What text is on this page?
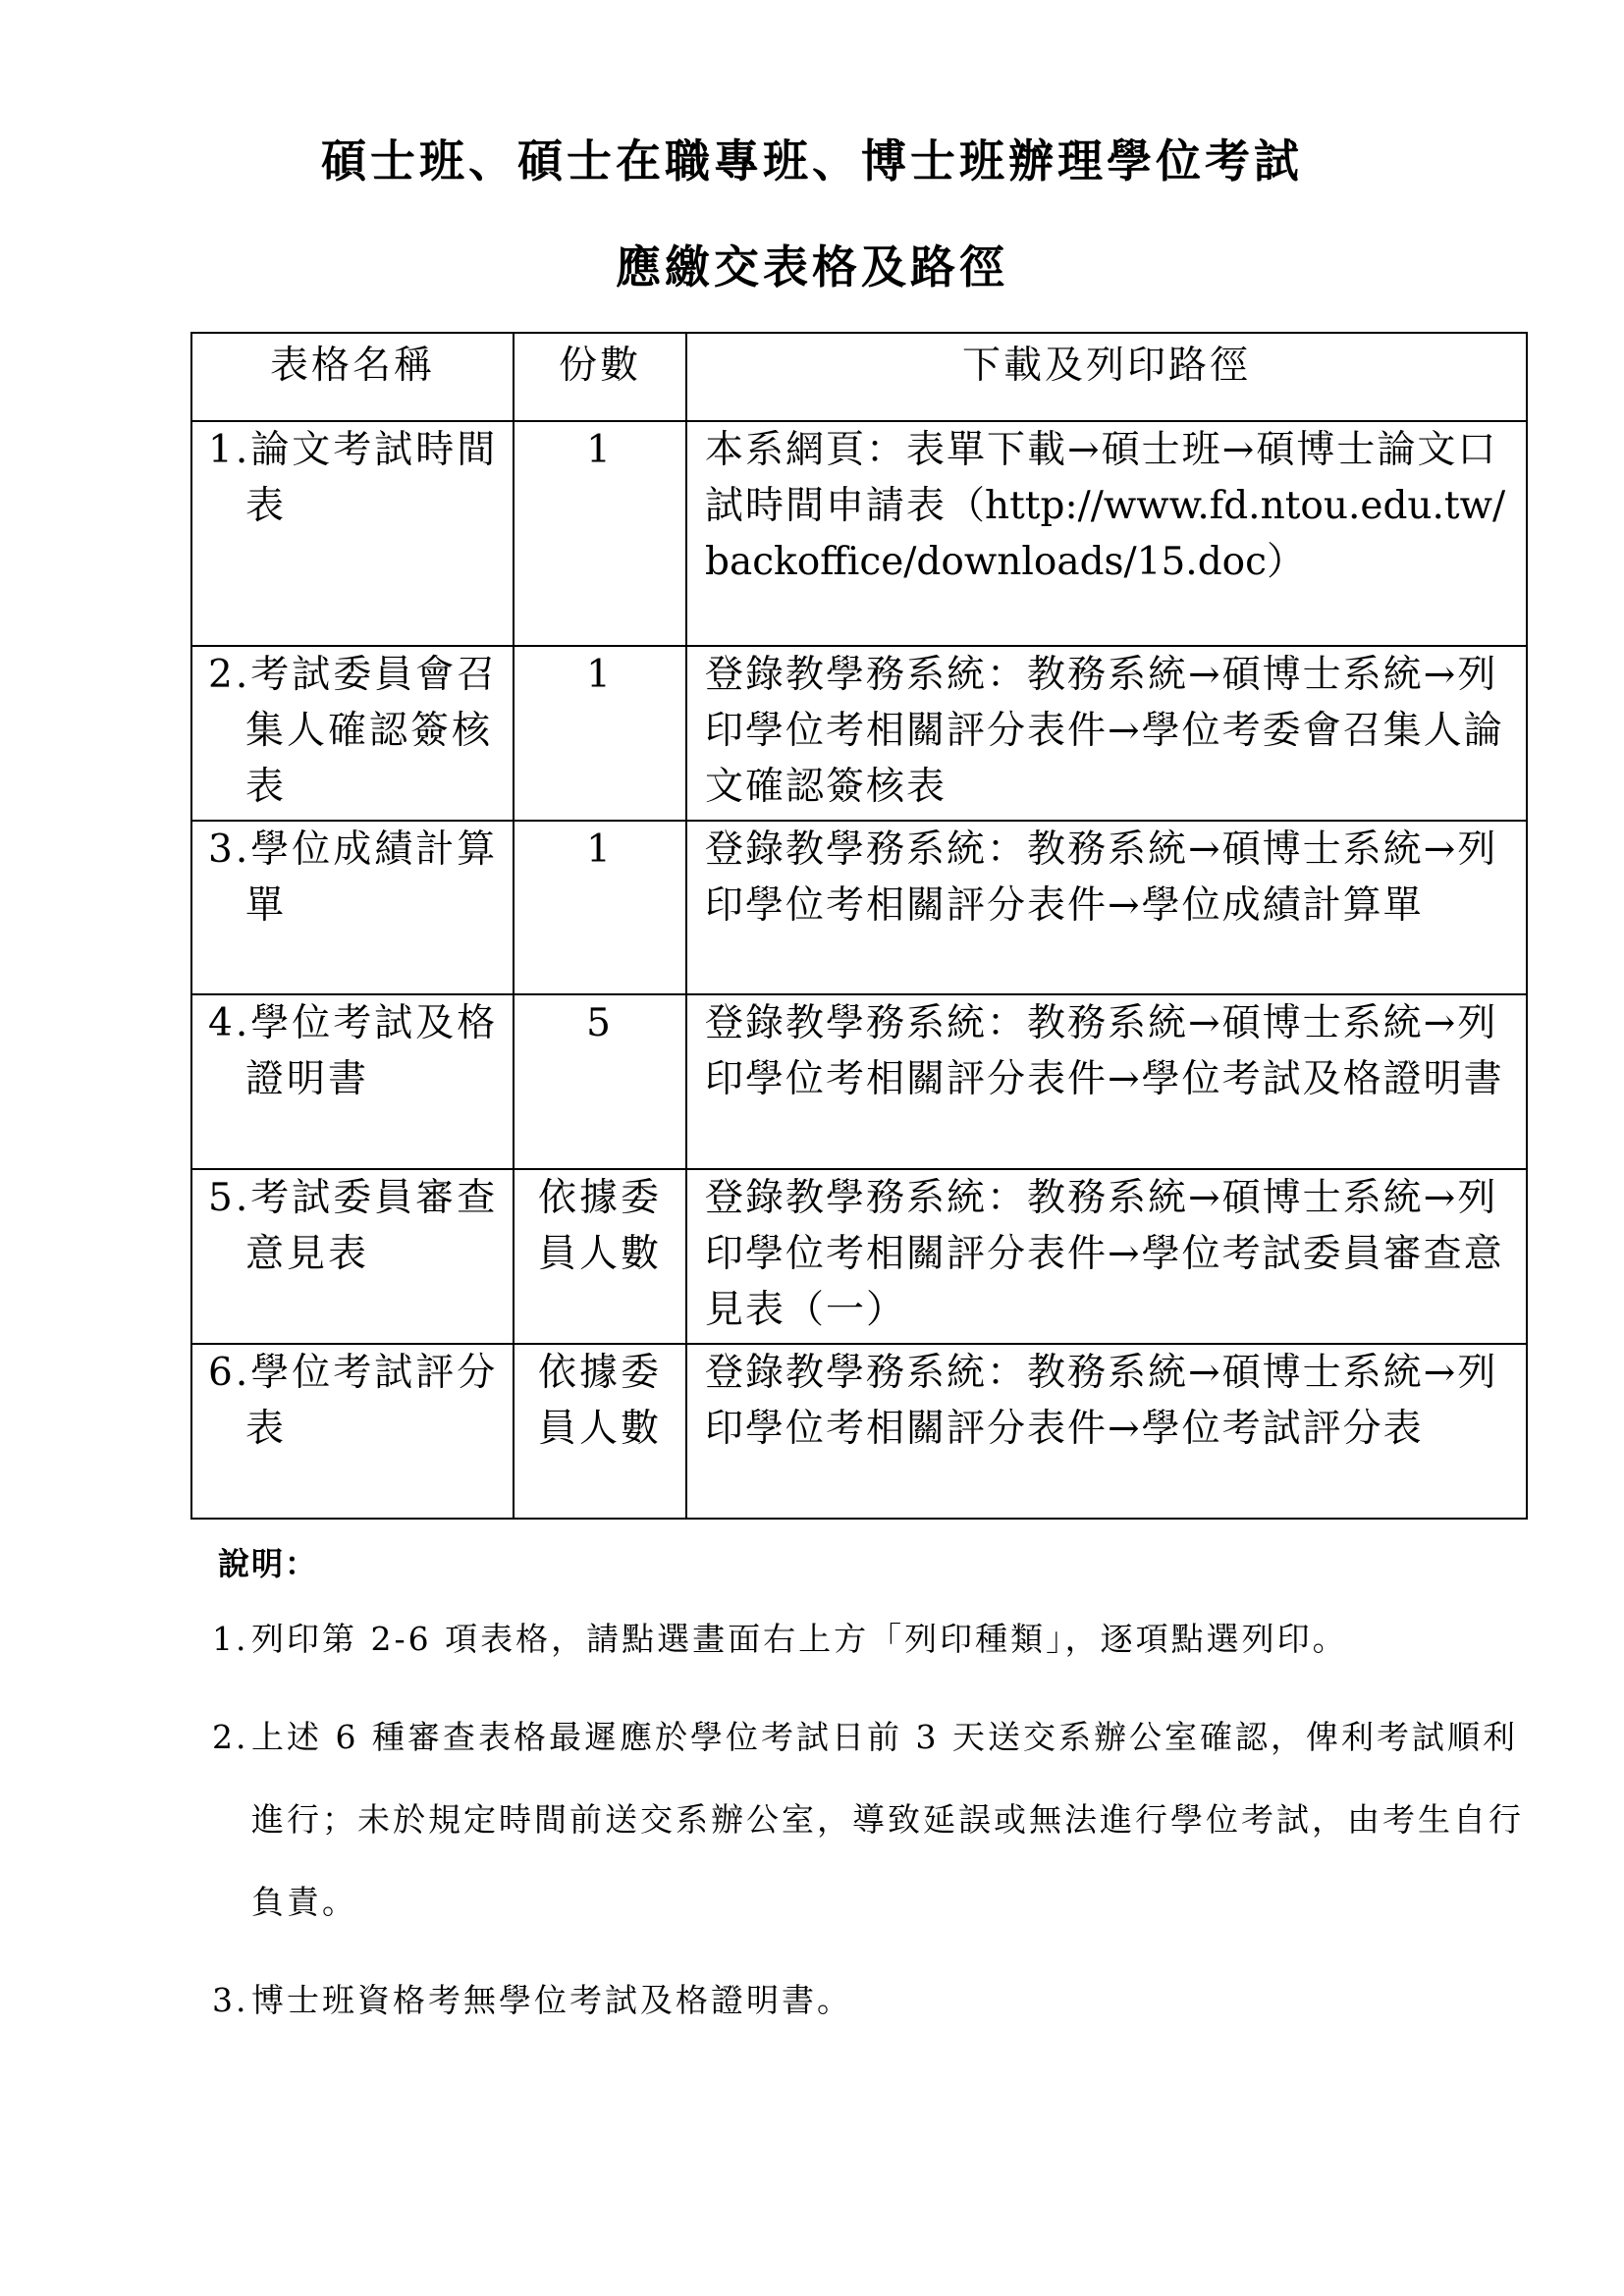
碩士班、碩士在職專班、博士班辦理學位考試
應繳交表格及路徑
表格名稱	份數	下載及列印路徑

1.論文考試時間表	1	本系網頁：表單下載→碩士班→碩博士論文口試時間申請表（http://www.fd.ntou.edu.tw/backoffice/downloads/15.doc）

2.考試委員會召集人確認簽核表	1	登錄教學務系統：教務系統→碩博士系統→列印學位考相關評分表件→學位考委會召集人論文確認簽核表

3.學位成績計算單	1	登錄教學務系統：教務系統→碩博士系統→列印學位考相關評分表件→學位成績計算單

4.學位考試及格證明書	5	登錄教學務系統：教務系統→碩博士系統→列印學位考相關評分表件→學位考試及格證明書

5.考試委員審查意見表	依據委員人數	登錄教學務系統：教務系統→碩博士系統→列印學位考相關評分表件→學位考試委員審查意見表（一）

6.學位考試評分表	依據委員人數	登錄教學務系統：教務系統→碩博士系統→列印學位考相關評分表件→學位考試評分表
說明：
1. 列印第 2-6 項表格，請點選畫面右上方「列印種類」，逐項點選列印。
2. 上述 6 種審查表格最遲應於學位考試日前 3 天送交系辦公室確認，俾利考試順利進行；未於規定時間前送交系辦公室，導致延誤或無法進行學位考試，由考生自行負責。
3. 博士班資格考無學位考試及格證明書。
